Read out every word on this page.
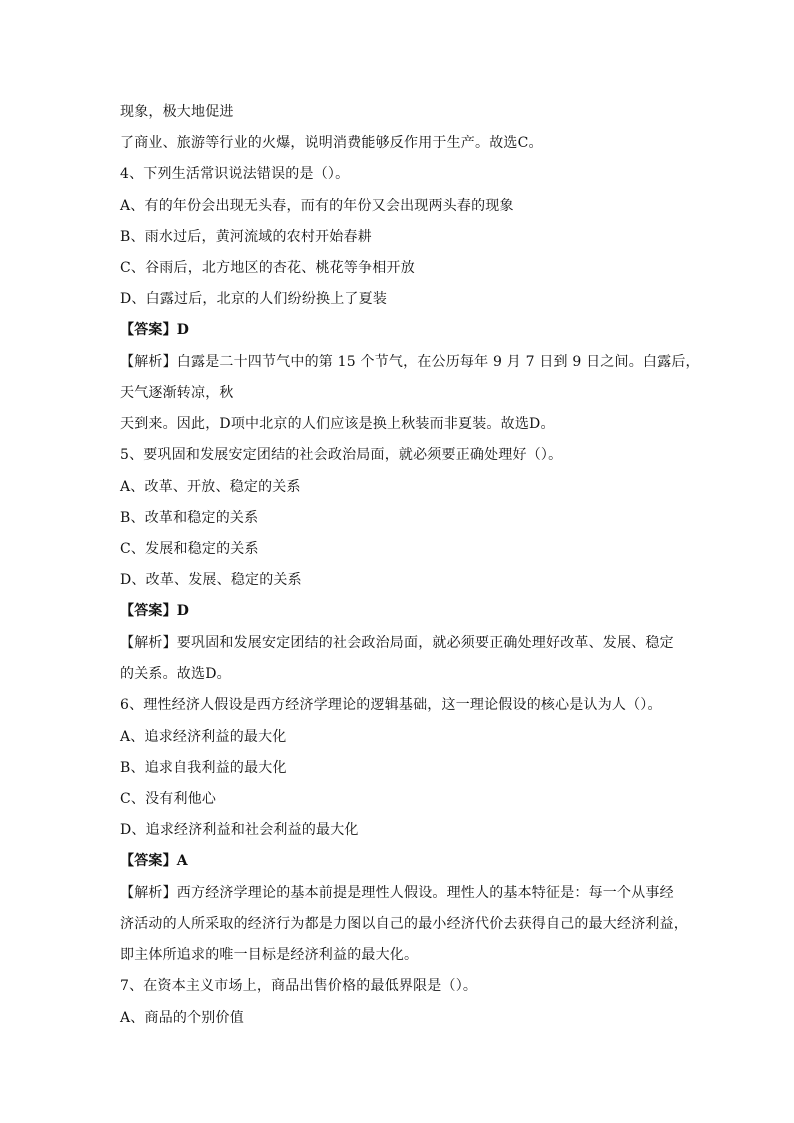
现象，极大地促进
了商业、旅游等行业的火爆，说明消费能够反作用于生产。故选C。
4、下列生活常识说法错误的是（）。
A、有的年份会出现无头春，而有的年份又会出现两头春的现象
B、雨水过后，黄河流域的农村开始春耕
C、谷雨后，北方地区的杏花、桃花等争相开放
D、白露过后，北京的人们纷纷换上了夏装
【答案】D
【解析】白露是二十四节气中的第 15 个节气，在公历每年 9 月 7 日到 9 日之间。白露后，
天气逐渐转凉，秋
天到来。因此，D项中北京的人们应该是换上秋装而非夏装。故选D。
5、要巩固和发展安定团结的社会政治局面，就必须要正确处理好（）。
A、改革、开放、稳定的关系
B、改革和稳定的关系
C、发展和稳定的关系
D、改革、发展、稳定的关系
【答案】D
【解析】要巩固和发展安定团结的社会政治局面，就必须要正确处理好改革、发展、稳定
的关系。故选D。
6、理性经济人假设是西方经济学理论的逻辑基础，这一理论假设的核心是认为人（）。
A、追求经济利益的最大化
B、追求自我利益的最大化
C、没有利他心
D、追求经济利益和社会利益的最大化
【答案】A
【解析】西方经济学理论的基本前提是理性人假设。理性人的基本特征是：每一个从事经
济活动的人所采取的经济行为都是力图以自己的最小经济代价去获得自己的最大经济利益，
即主体所追求的唯一目标是经济利益的最大化。
7、在资本主义市场上，商品出售价格的最低界限是（）。
A、商品的个别价值
